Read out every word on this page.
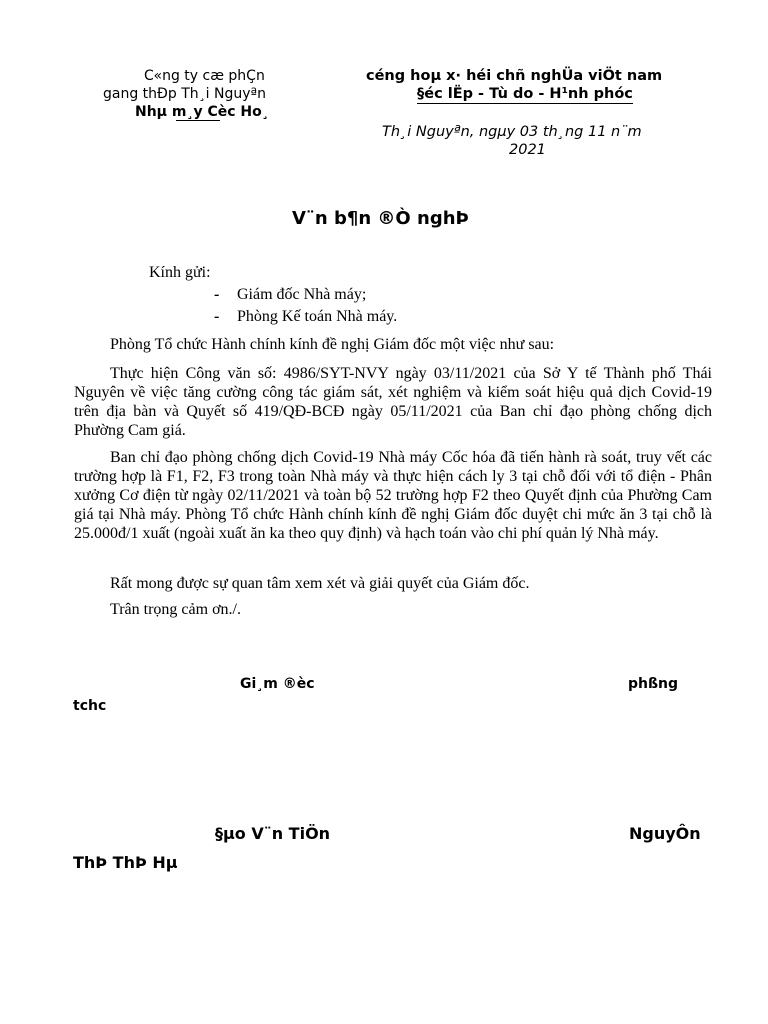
C«ng ty cæ phÇn
gang thÐp Th¸i Nguyªn
Nhµ m¸y Cèc Ho¸
céng hoµ x· héi chñ nghÜa viÖt nam
§éc lËp - Tù do - H¹nh phóc
Th¸i Nguyªn, ngµy 03 th¸ng 11 n¨m
2021
V¨n b¶n ®Ò nghÞ
Kính gửi:
- Giám đốc Nhà máy;
- Phòng Kế toán Nhà máy.
Phòng Tổ chức Hành chính kính đề nghị Giám đốc một việc như sau:
Thực hiện Công văn số: 4986/SYT-NVY ngày 03/11/2021 của Sở Y tế Thành phố Thái Nguyên về việc tăng cường công tác giám sát, xét nghiệm và kiểm soát hiệu quả dịch Covid-19 trên địa bàn và Quyết số 419/QĐ-BCĐ ngày 05/11/2021 của Ban chỉ đạo phòng chống dịch Phường Cam giá.
Ban chỉ đạo phòng chống dịch Covid-19 Nhà máy Cốc hóa đã tiến hành rà soát, truy vết các trường hợp là F1, F2, F3 trong toàn Nhà máy và thực hiện cách ly 3 tại chỗ đối với tổ điện - Phân xưởng Cơ điện từ ngày 02/11/2021 và toàn bộ 52 trường hợp F2 theo Quyết định của Phường Cam giá tại Nhà máy. Phòng Tổ chức Hành chính kính đề nghị Giám đốc duyệt chi mức ăn 3 tại chỗ là 25.000đ/1 xuất (ngoài xuất ăn ka theo quy định) và hạch toán vào chi phí quản lý Nhà máy.
Rất mong được sự quan tâm xem xét và giải quyết của Giám đốc.
Trân trọng cảm ơn./.
Gi¸m ®èc	phßng
tchc
§µo V¨n TiÖn	NguyÔn
ThÞ ThÞ Hµ
